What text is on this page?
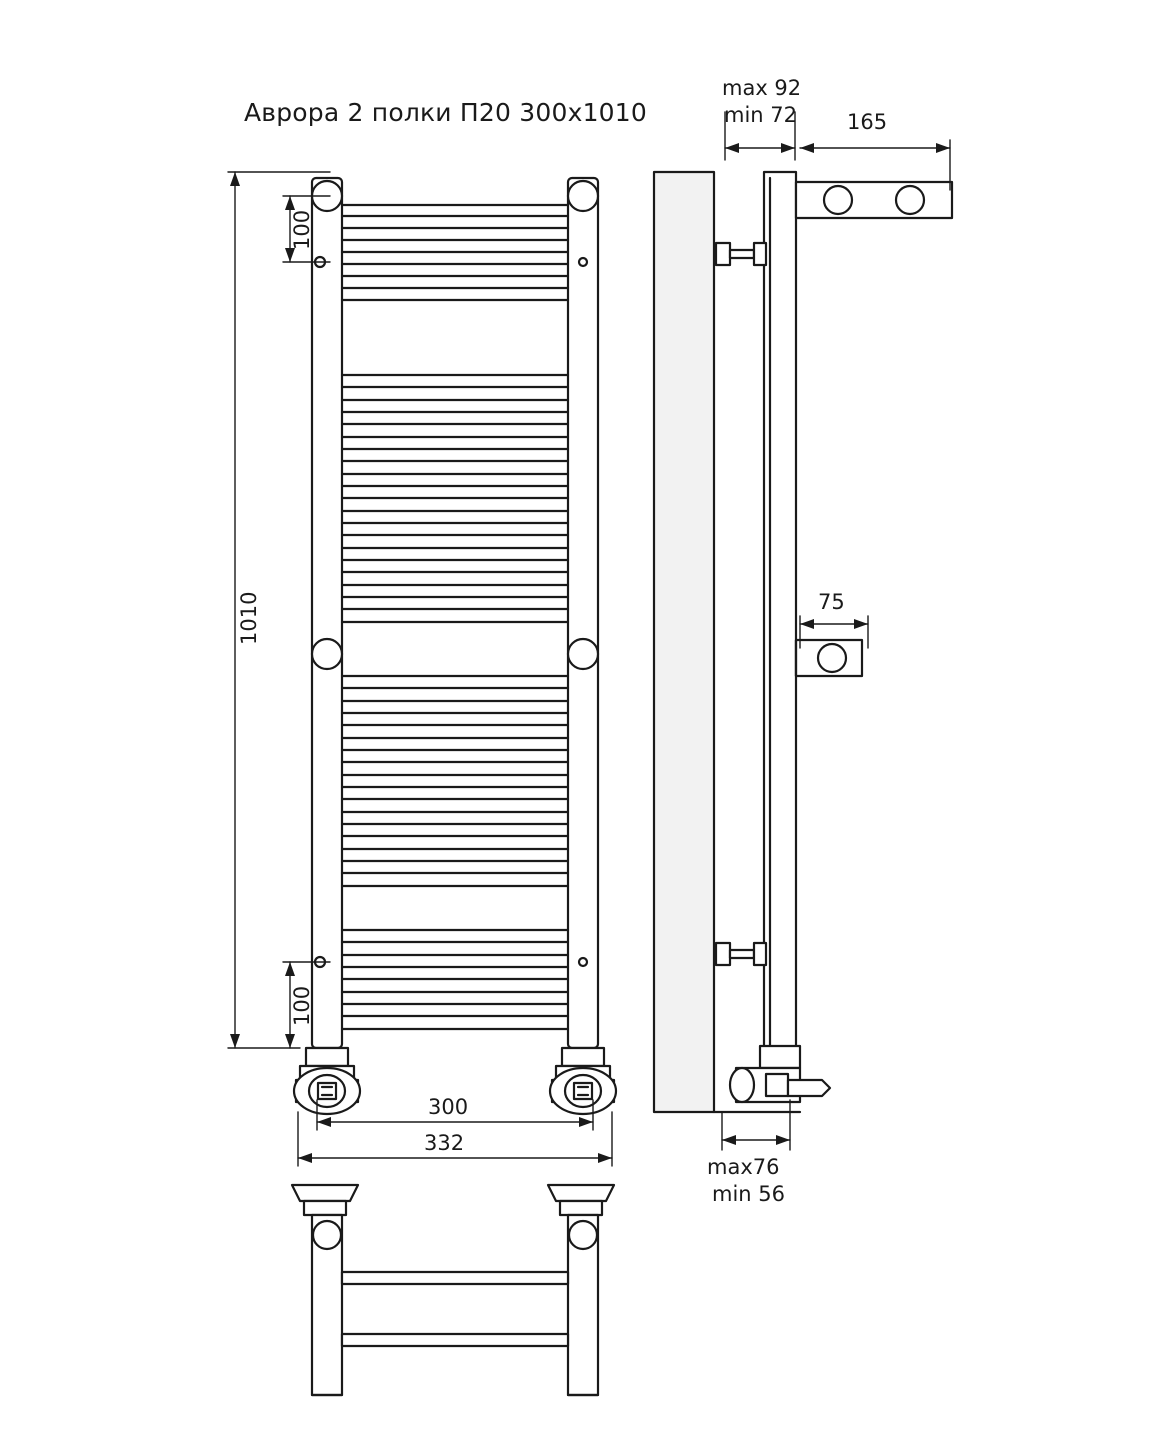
Аврора 2 полки П20 300х1010
1010
100
100
300
332
max 92
min 72 165
75
max76
min 56
